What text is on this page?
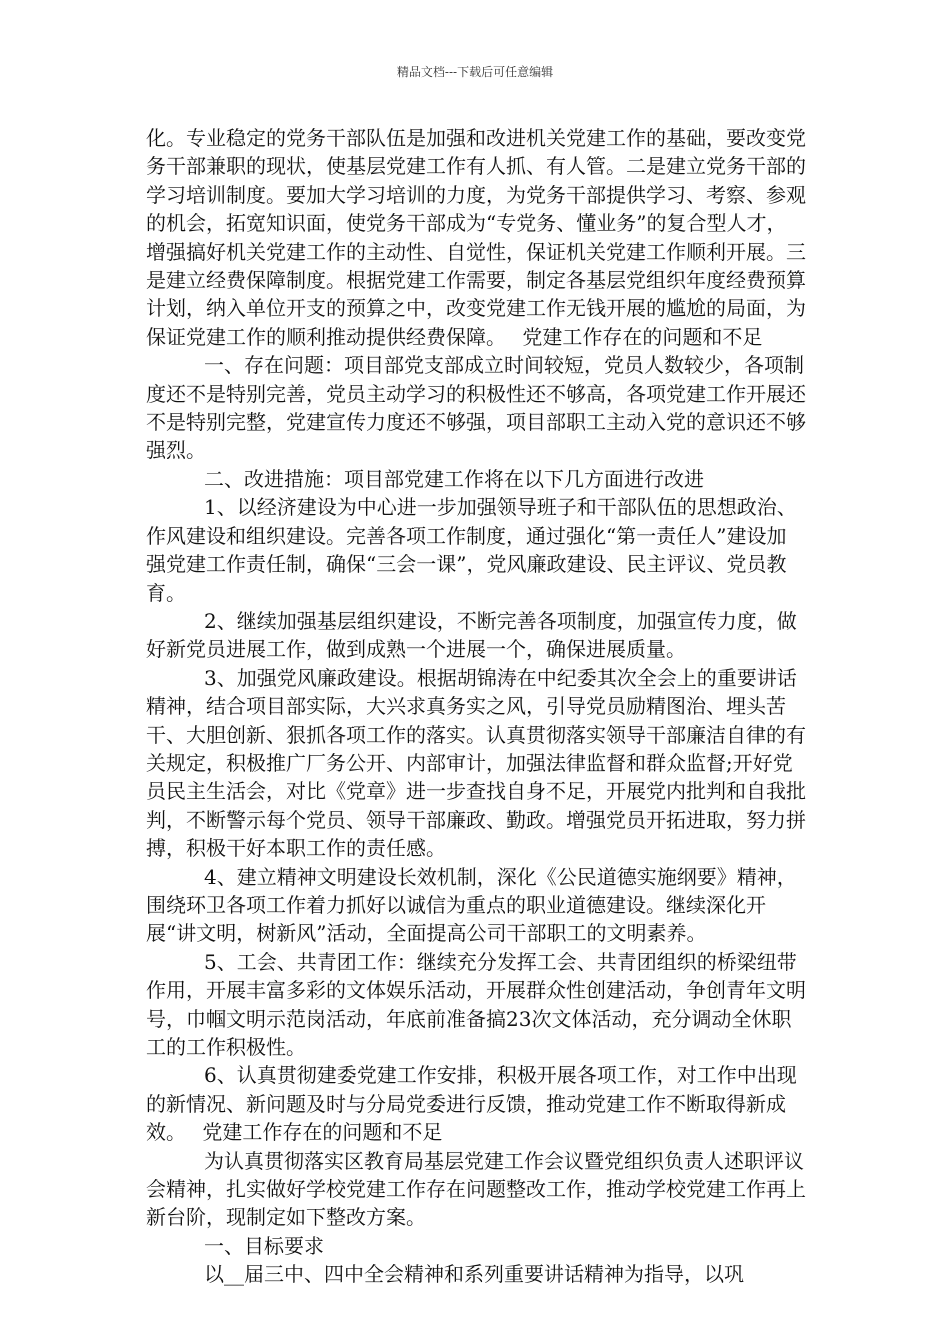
精品文档---下载后可任意编辑

化。专业稳定的党务干部队伍是加强和改进机关党建工作的基础，要改变党务干部兼职的现状，使基层党建工作有人抓、有人管。二是建立党务干部的学习培训制度。要加大学习培训的力度，为党务干部提供学习、考察、参观的机会，拓宽知识面，使党务干部成为“专党务、懂业务”的复合型人才，增强搞好机关党建工作的主动性、自觉性，保证机关党建工作顺利开展。三是建立经费保障制度。根据党建工作需要，制定各基层党组织年度经费预算计划，纳入单位开支的预算之中，改变党建工作无钱开展的尴尬的局面，为保证党建工作的顺利推动提供经费保障。　 党建工作存在的问题和不足

一、存在问题：项目部党支部成立时间较短，党员人数较少，各项制度还不是特别完善，党员主动学习的积极性还不够高，各项党建工作开展还不是特别完整，党建宣传力度还不够强，项目部职工主动入党的意识还不够强烈。

二、改进措施：项目部党建工作将在以下几方面进行改进

1、以经济建设为中心进一步加强领导班子和干部队伍的思想政治、作风建设和组织建设。完善各项工作制度，通过强化“第一责任人”建设加强党建工作责任制，确保“三会一课”，党风廉政建设、民主评议、党员教育。

2、继续加强基层组织建设，不断完善各项制度，加强宣传力度，做好新党员进展工作，做到成熟一个进展一个，确保进展质量。

3、加强党风廉政建设。根据胡锦涛在中纪委其次全会上的重要讲话精神，结合项目部实际，大兴求真务实之风，引导党员励精图治、埋头苦干、大胆创新、狠抓各项工作的落实。认真贯彻落实领导干部廉洁自律的有关规定，积极推广厂务公开、内部审计，加强法律监督和群众监督;开好党员民主生活会，对比《党章》进一步查找自身不足，开展党内批判和自我批判，不断警示每个党员、领导干部廉政、勤政。增强党员开拓进取，努力拼搏，积极干好本职工作的责任感。

4、建立精神文明建设长效机制，深化《公民道德实施纲要》精神，围绕环卫各项工作着力抓好以诚信为重点的职业道德建设。继续深化开展“讲文明，树新风”活动，全面提高公司干部职工的文明素养。

5、工会、共青团工作：继续充分发挥工会、共青团组织的桥梁纽带作用，开展丰富多彩的文体娱乐活动，开展群众性创建活动，争创青年文明号，巾帼文明示范岗活动，年底前准备搞23次文体活动，充分调动全休职工的工作积极性。

6、认真贯彻建委党建工作安排，积极开展各项工作，对工作中出现的新情况、新问题及时与分局党委进行反馈，推动党建工作不断取得新成效。　 党建工作存在的问题和不足

为认真贯彻落实区教育局基层党建工作会议暨党组织负责人述职评议会精神，扎实做好学校党建工作存在问题整改工作，推动学校党建工作再上新台阶，现制定如下整改方案。

一、目标要求

以__届三中、四中全会精神和系列重要讲话精神为指导，以巩
